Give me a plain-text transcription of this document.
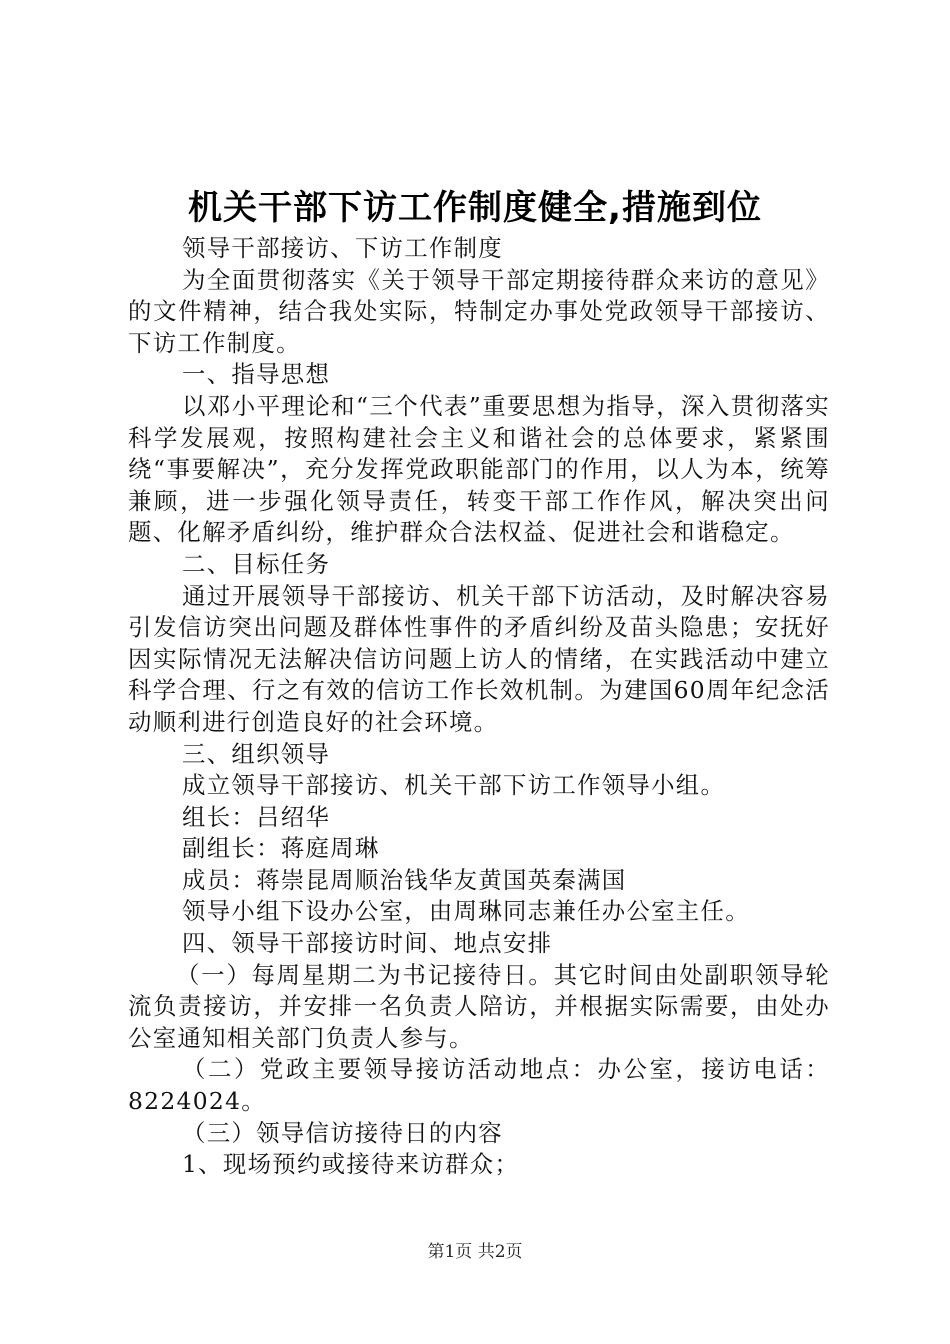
机关干部下访工作制度健全,措施到位

领导干部接访、下访工作制度

为全面贯彻落实《关于领导干部定期接待群众来访的意见》的文件精神，结合我处实际，特制定办事处党政领导干部接访、下访工作制度。

一、指导思想

以邓小平理论和“三个代表”重要思想为指导，深入贯彻落实科学发展观，按照构建社会主义和谐社会的总体要求，紧紧围绕“事要解决”，充分发挥党政职能部门的作用，以人为本，统筹兼顾，进一步强化领导责任，转变干部工作作风，解决突出问题、化解矛盾纠纷，维护群众合法权益、促进社会和谐稳定。

二、目标任务

通过开展领导干部接访、机关干部下访活动，及时解决容易引发信访突出问题及群体性事件的矛盾纠纷及苗头隐患；安抚好因实际情况无法解决信访问题上访人的情绪，在实践活动中建立科学合理、行之有效的信访工作长效机制。为建国60周年纪念活动顺利进行创造良好的社会环境。

三、组织领导

成立领导干部接访、机关干部下访工作领导小组。

组长：吕绍华

副组长：蒋庭周琳

成员：蒋崇昆周顺治钱华友黄国英秦满国

领导小组下设办公室，由周琳同志兼任办公室主任。

四、领导干部接访时间、地点安排

（一）每周星期二为书记接待日。其它时间由处副职领导轮流负责接访，并安排一名负责人陪访，并根据实际需要，由处办公室通知相关部门负责人参与。

（二）党政主要领导接访活动地点：办公室，接访电话：8224024。

（三）领导信访接待日的内容

1、现场预约或接待来访群众；

第1页 共2页
